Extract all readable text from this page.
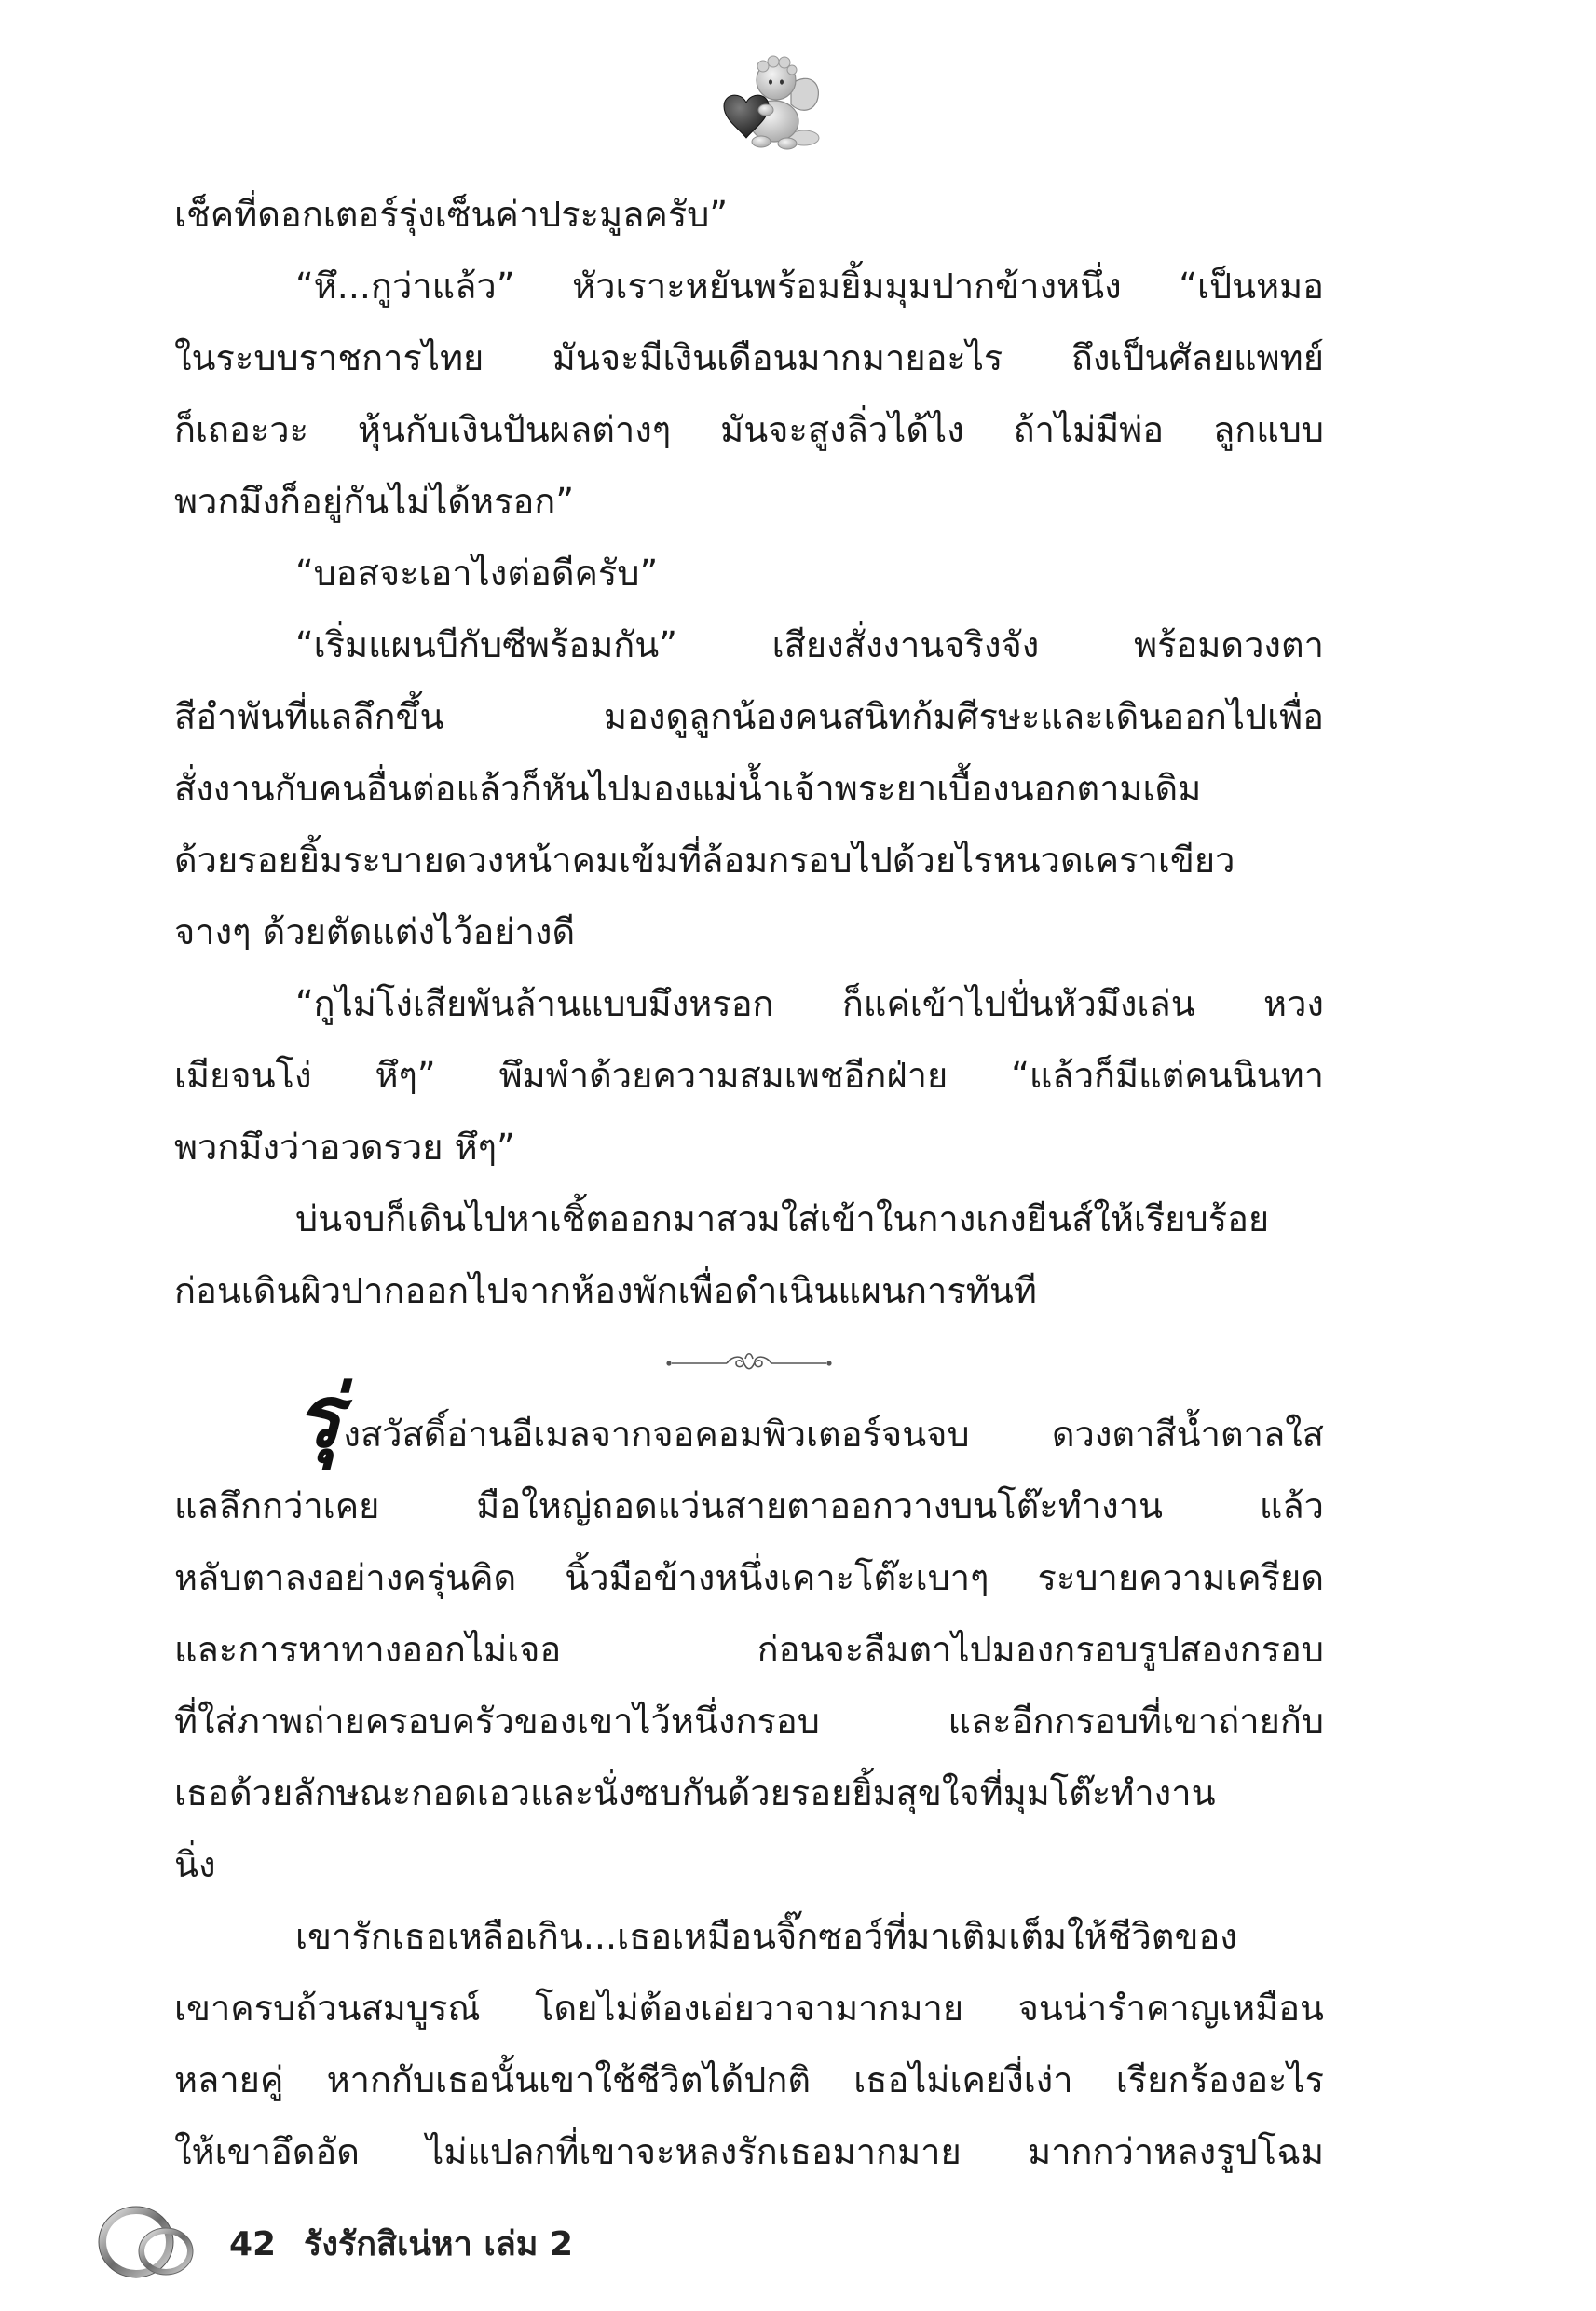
เช็คที่ดอกเตอร์รุ่งเซ็นค่าประมูลครับ”
“หึ...กูว่าแล้ว” หัวเราะหยันพร้อมยิ้มมุมปากข้างหนึ่ง “เป็นหมอ
ในระบบราชการไทย มันจะมีเงินเดือนมากมายอะไร ถึงเป็นศัลยแพทย์
ก็เถอะวะ หุ้นกับเงินปันผลต่างๆ มันจะสูงลิ่วได้ไง ถ้าไม่มีพ่อ ลูกแบบ
พวกมึงก็อยู่กันไม่ได้หรอก”
“บอสจะเอาไงต่อดีครับ”
“เริ่มแผนบีกับซีพร้อมกัน” เสียงสั่งงานจริงจัง พร้อมดวงตา
สีอำพันที่แลลึกขึ้น มองดูลูกน้องคนสนิทก้มศีรษะและเดินออกไปเพื่อ
สั่งงานกับคนอื่นต่อแล้วก็หันไปมองแม่น้ำเจ้าพระยาเบื้องนอกตามเดิม
ด้วยรอยยิ้มระบายดวงหน้าคมเข้มที่ล้อมกรอบไปด้วยไรหนวดเคราเขียว
จางๆ ด้วยตัดแต่งไว้อย่างดี
“กูไม่โง่เสียพันล้านแบบมึงหรอก ก็แค่เข้าไปปั่นหัวมึงเล่น หวง
เมียจนโง่ หึๆ” พึมพำด้วยความสมเพชอีกฝ่าย “แล้วก็มีแต่คนนินทา
พวกมึงว่าอวดรวย หึๆ”
บ่นจบก็เดินไปหาเชิ้ตออกมาสวมใส่เข้าในกางเกงยีนส์ให้เรียบร้อย
ก่อนเดินผิวปากออกไปจากห้องพักเพื่อดำเนินแผนการทันที
รุ่งสวัสดิ์อ่านอีเมลจากจอคอมพิวเตอร์จนจบ ดวงตาสีน้ำตาลใส
แลลึกกว่าเคย มือใหญ่ถอดแว่นสายตาออกวางบนโต๊ะทำงาน แล้ว
หลับตาลงอย่างครุ่นคิด นิ้วมือข้างหนึ่งเคาะโต๊ะเบาๆ ระบายความเครียด
และการหาทางออกไม่เจอ ก่อนจะลืมตาไปมองกรอบรูปสองกรอบ
ที่ใส่ภาพถ่ายครอบครัวของเขาไว้หนึ่งกรอบ และอีกกรอบที่เขาถ่ายกับ
เธอด้วยลักษณะกอดเอวและนั่งซบกันด้วยรอยยิ้มสุขใจที่มุมโต๊ะทำงาน
นิ่ง
เขารักเธอเหลือเกิน...เธอเหมือนจิ๊กซอว์ที่มาเติมเต็มให้ชีวิตของ
เขาครบถ้วนสมบูรณ์ โดยไม่ต้องเอ่ยวาจามากมาย จนน่ารำคาญเหมือน
หลายคู่ หากกับเธอนั้นเขาใช้ชีวิตได้ปกติ เธอไม่เคยงี่เง่า เรียกร้องอะไร
ให้เขาอึดอัด ไม่แปลกที่เขาจะหลงรักเธอมากมาย มากกว่าหลงรูปโฉม
42 รังรักสิเน่หา เล่ม 2
